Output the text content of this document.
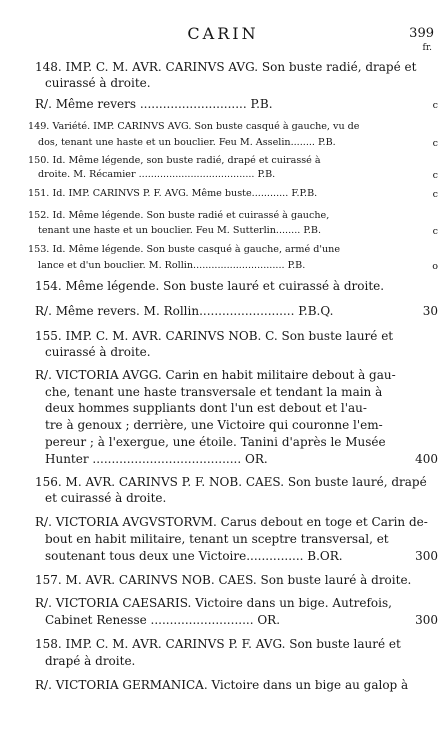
CARIN	399
fr.
148. IMP. C. M. AVR. CARINVS AVG. Son buste radié, drapé et
cuirassé à droite.
R/. Même revers ............................ P.B.	c
149. Variété. IMP. CARINVS AVG. Son buste casqué à gauche, vu de
dos, tenant une haste et un bouclier. Feu M. Asselin........ P.B.	c
150. Id. Même légende, son buste radié, drapé et cuirassé à
droite. M. Récamier ...................................... P.B.	c
151. Id. IMP. CARINVS P. F. AVG. Même buste............ F.P.B.	c
152. Id. Même légende. Son buste radié et cuirassé à gauche,
tenant une haste et un bouclier. Feu M. Sutterlin........ P.B.	c
153. Id. Même légende. Son buste casqué à gauche, armé d'une
lance et d'un bouclier. M. Rollin.............................. P.B.	o
154. Même légende. Son buste lauré et cuirassé à droite.
R/. Même revers. M. Rollin......................... P.B.Q.	30
155. IMP. C. M. AVR. CARINVS NOB. C. Son buste lauré et
cuirassé à droite.
R/. VICTORIA AVGG. Carin en habit militaire debout à gau-
che, tenant une haste transversale et tendant la main à
deux hommes suppliants dont l'un est debout et l'au-
tre à genoux ; derrière, une Victoire qui couronne l'em-
pereur ; à l'exergue, une étoile. Tanini d'après le Musée
Hunter ....................................... OR.	400
156. M. AVR. CARINVS P. F. NOB. CAES. Son buste lauré, drapé
et cuirassé à droite.
R/. VICTORIA AVGVSTORVM. Carus debout en toge et Carin de-
bout en habit militaire, tenant un sceptre transversal, et
soutenant tous deux une Victoire............... B.OR.	300
157. M. AVR. CARINVS NOB. CAES. Son buste lauré à droite.
R/. VICTORIA CAESARIS. Victoire dans un bige. Autrefois,
Cabinet Renesse ........................... OR.	300
158. IMP. C. M. AVR. CARINVS P. F. AVG. Son buste lauré et
drapé à droite.
R/. VICTORIA GERMANICA. Victoire dans un bige au galop à
